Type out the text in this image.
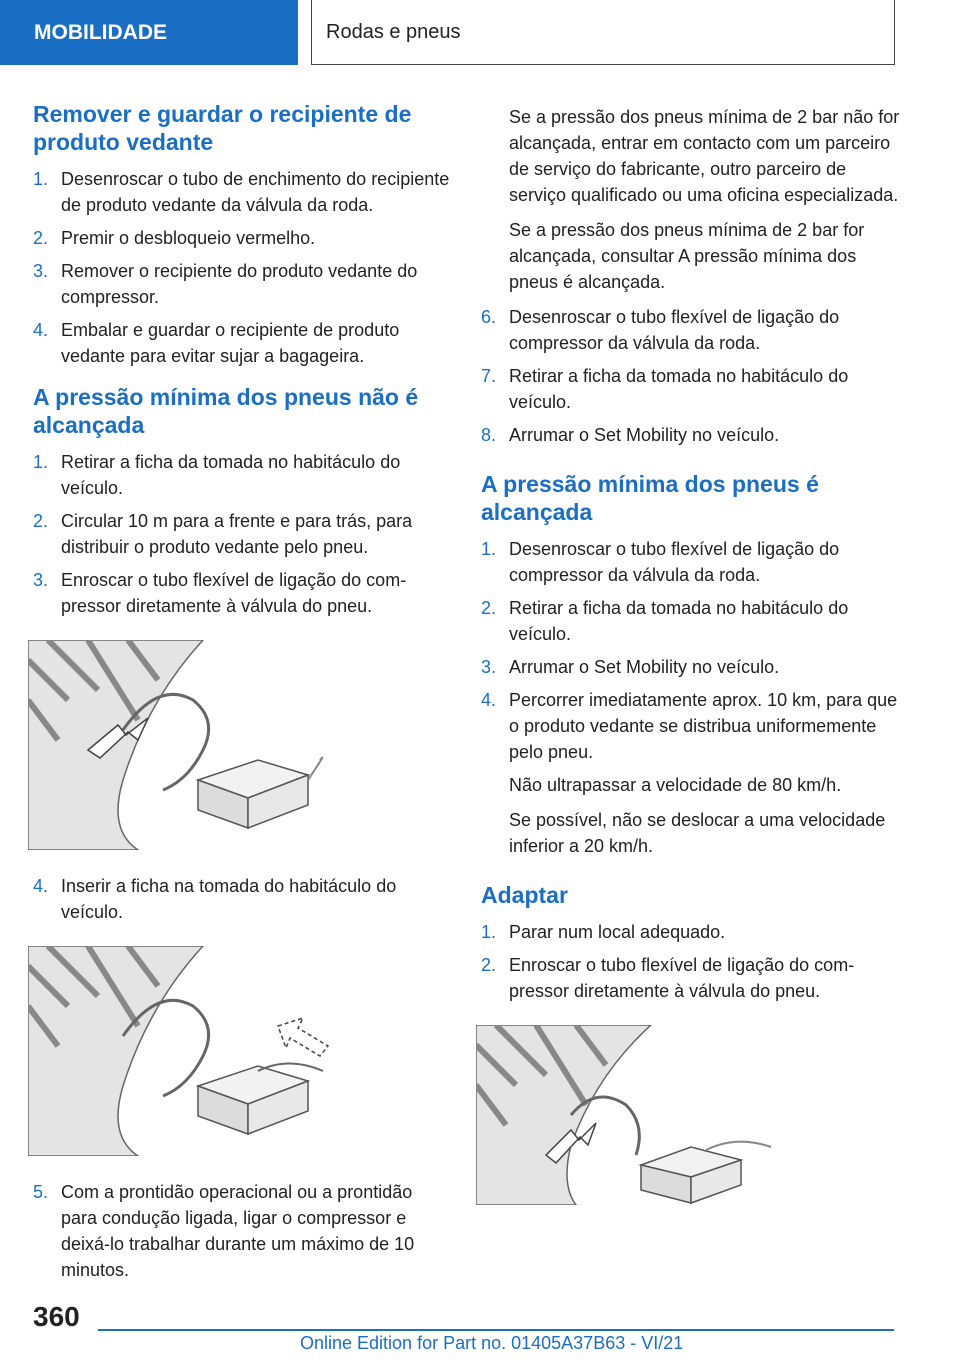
MOBILIDADE	Rodas e pneus
Remover e guardar o recipiente de produto vedante
1. Desenroscar o tubo de enchimento do recipiente de produto vedante da válvula da roda.
2. Premir o desbloqueio vermelho.
3. Remover o recipiente do produto vedante do compressor.
4. Embalar e guardar o recipiente de produto vedante para evitar sujar a bagageira.
A pressão mínima dos pneus não é alcançada
1. Retirar a ficha da tomada no habitáculo do veículo.
2. Circular 10 m para a frente e para trás, para distribuir o produto vedante pelo pneu.
3. Enroscar o tubo flexível de ligação do compressor diretamente à válvula do pneu.
4. Inserir a ficha na tomada do habitáculo do veículo.
5. Com a prontidão operacional ou a prontidão para condução ligada, ligar o compressor e deixá-lo trabalhar durante um máximo de 10 minutos.

Se a pressão dos pneus mínima de 2 bar não for alcançada, entrar em contacto com um parceiro de serviço do fabricante, outro parceiro de serviço qualificado ou uma oficina especializada.

Se a pressão dos pneus mínima de 2 bar for alcançada, consultar A pressão mínima dos pneus é alcançada.

6. Desenroscar o tubo flexível de ligação do compressor da válvula da roda.
7. Retirar a ficha da tomada no habitáculo do veículo.
8. Arrumar o Set Mobility no veículo.
A pressão mínima dos pneus é alcançada
1. Desenroscar o tubo flexível de ligação do compressor da válvula da roda.
2. Retirar a ficha da tomada no habitáculo do veículo.
3. Arrumar o Set Mobility no veículo.
4. Percorrer imediatamente aprox. 10 km, para que o produto vedante se distribua uniformemente pelo pneu.

Não ultrapassar a velocidade de 80 km/h.

Se possível, não se deslocar a uma velocidade inferior a 20 km/h.

Adaptar
1. Parar num local adequado.
2. Enroscar o tubo flexível de ligação do compressor diretamente à válvula do pneu.
360
Online Edition for Part no. 01405A37B63 - VI/21
